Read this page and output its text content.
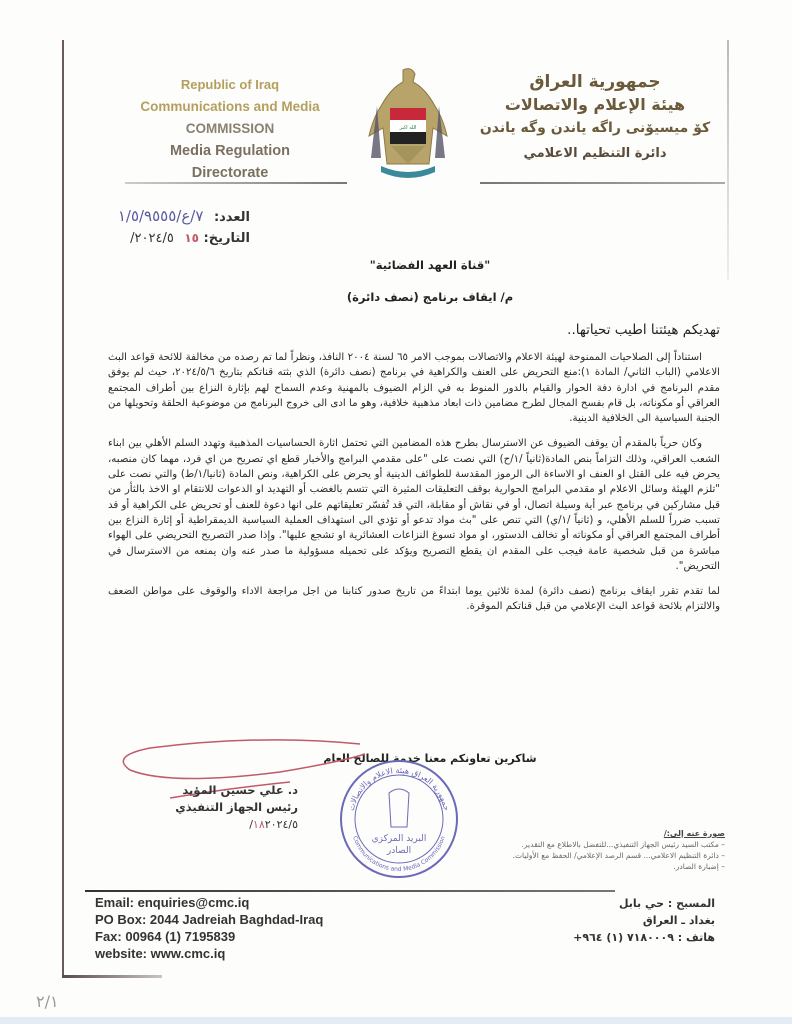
Republic of Iraq
Communications and Media
COMMISSION
Media Regulation Directorate
الله اكبر
جمهورية العراق
هيئة الإعلام والاتصالات
كۆ میسیۆنی راگه یاندن وگه یاندن
دائرة التنظيم الاعلامي
العدد: ٧/ع/١/٥/٩٥٥٥
التاريخ: ١٥ ٢٠٢٤/٥/
"قناة العهد الفضائية"
م/ ايقاف برنامج (نصف دائرة)
تهديكم هيئتنا اطيب تحياتها..

استناداً إلى الصلاحيات الممنوحة لهيئة الاعلام والاتصالات بموجب الامر ٦٥ لسنة ٢٠٠٤ النافذ، ونظراً لما تم رصده من مخالفة للائحة قواعد البث الاعلامي (الباب الثاني/ المادة ١):منع التحريض على العنف والكراهية في برنامج (نصف دائرة) الذي بثته قناتكم بتاريخ ٢٠٢٤/٥/٦، حيث لم يوفق مقدم البرنامج في ادارة دفة الحوار والقيام بالدور المنوط به في الزام الضيوف بالمهنية وعدم السماح لهم بإثارة النزاع بين أطراف المجتمع العراقي أو مكوناته، بل قام بفسح المجال لطرح مضامين ذات ابعاد مذهبية خلافية، وهو ما ادى الى خروج البرنامج من موضوعية الحلقة وتحويلها من الجنبة السياسية الى الخلافية الدينية.

وكان حرياً بالمقدم أن يوقف الضيوف عن الاسترسال بطرح هذه المضامين التي تحتمل اثارة الحساسيات المذهبية وتهدد السلم الأهلي بين ابناء الشعب العراقي، وذلك التزاماً بنص المادة(ثانياً /١/ح) التي نصت على "على مقدمي البرامج والأخبار قطع اي تصريح من اي فرد، مهما كان منصبه، يحرض فيه على القتل او العنف او الاساءة الى الرموز المقدسة للطوائف الدينية أو يحرض على الكراهية، ونص المادة (ثانيا/١/ط) والتي نصت على "تلزم الهيئة وسائل الاعلام او مقدمي البرامج الحوارية بوقف التعليقات المثيرة التي تتسم بالغضب أو التهديد او الدعوات للانتقام او الاخذ بالثأر من قبل مشاركين في برنامج عبر أية وسيلة اتصال، أو في نقاش أو مقابلة، التي قد تُفسّر تعليقاتهم على انها دعوة للعنف أو تحريض على الكراهية أو قد تسبب ضرراً للسلم الأهلي، و (ثانياً /١/ي) التي تنص على "بث مواد تدعو أو تؤدي الى استهداف العملية السياسية الديمقراطية أو إثارة النزاع بين أطراف المجتمع العراقي أو مكوناته أو تخالف الدستور، او مواد تسوغ النزاعات العشائرية او تشجع عليها". وإذا صدر التصريح التحريضي على الهواء مباشرة من قبل شخصية عامة فيجب على المقدم ان يقطع التصريح ويؤكد على تحميله مسؤولية ما صدر عنه وان يمنعه من الاسترسال في التحريض".

لما تقدم تقرر ايقاف برنامج (نصف دائرة) لمدة ثلاثين يوما ابتداءً من تاريخ صدور كتابنا من اجل مراجعة الاداء والوقوف على مواطن الضعف والالتزام بلائحة قواعد البث الإعلامي من قبل قناتكم الموقرة.

شاكرين تعاونكم معنا خدمة للصالح العام
د. علي حسين المؤيد
رئيس الجهاز التنفيذي
١٨٢٠٢٤/٥/
جمهورية العراق هيئة الاعلام والاتصالات
Communications and Media Commission
البريد المركزي
الصادر
صورة عنه إلى:/
– مكتب السيد رئيس الجهاز التنفيذي...للتفضل بالاطلاع مع التقدير.
– دائرة التنظيم الاعلامي... قسم الرصد الإعلامي/ الحفظ مع الأوليات.
– إضبارة الصادر.
Email: enquiries@cmc.iq
PO Box: 2044 Jadreiah Baghdad-Iraq
Fax: 00964 (1) 7195839
website: www.cmc.iq
المسبح : حي بابل
بغداد ـ العراق
هاتف : ٧١٨٠٠٠٩ (١) ٩٦٤+
٢/١
